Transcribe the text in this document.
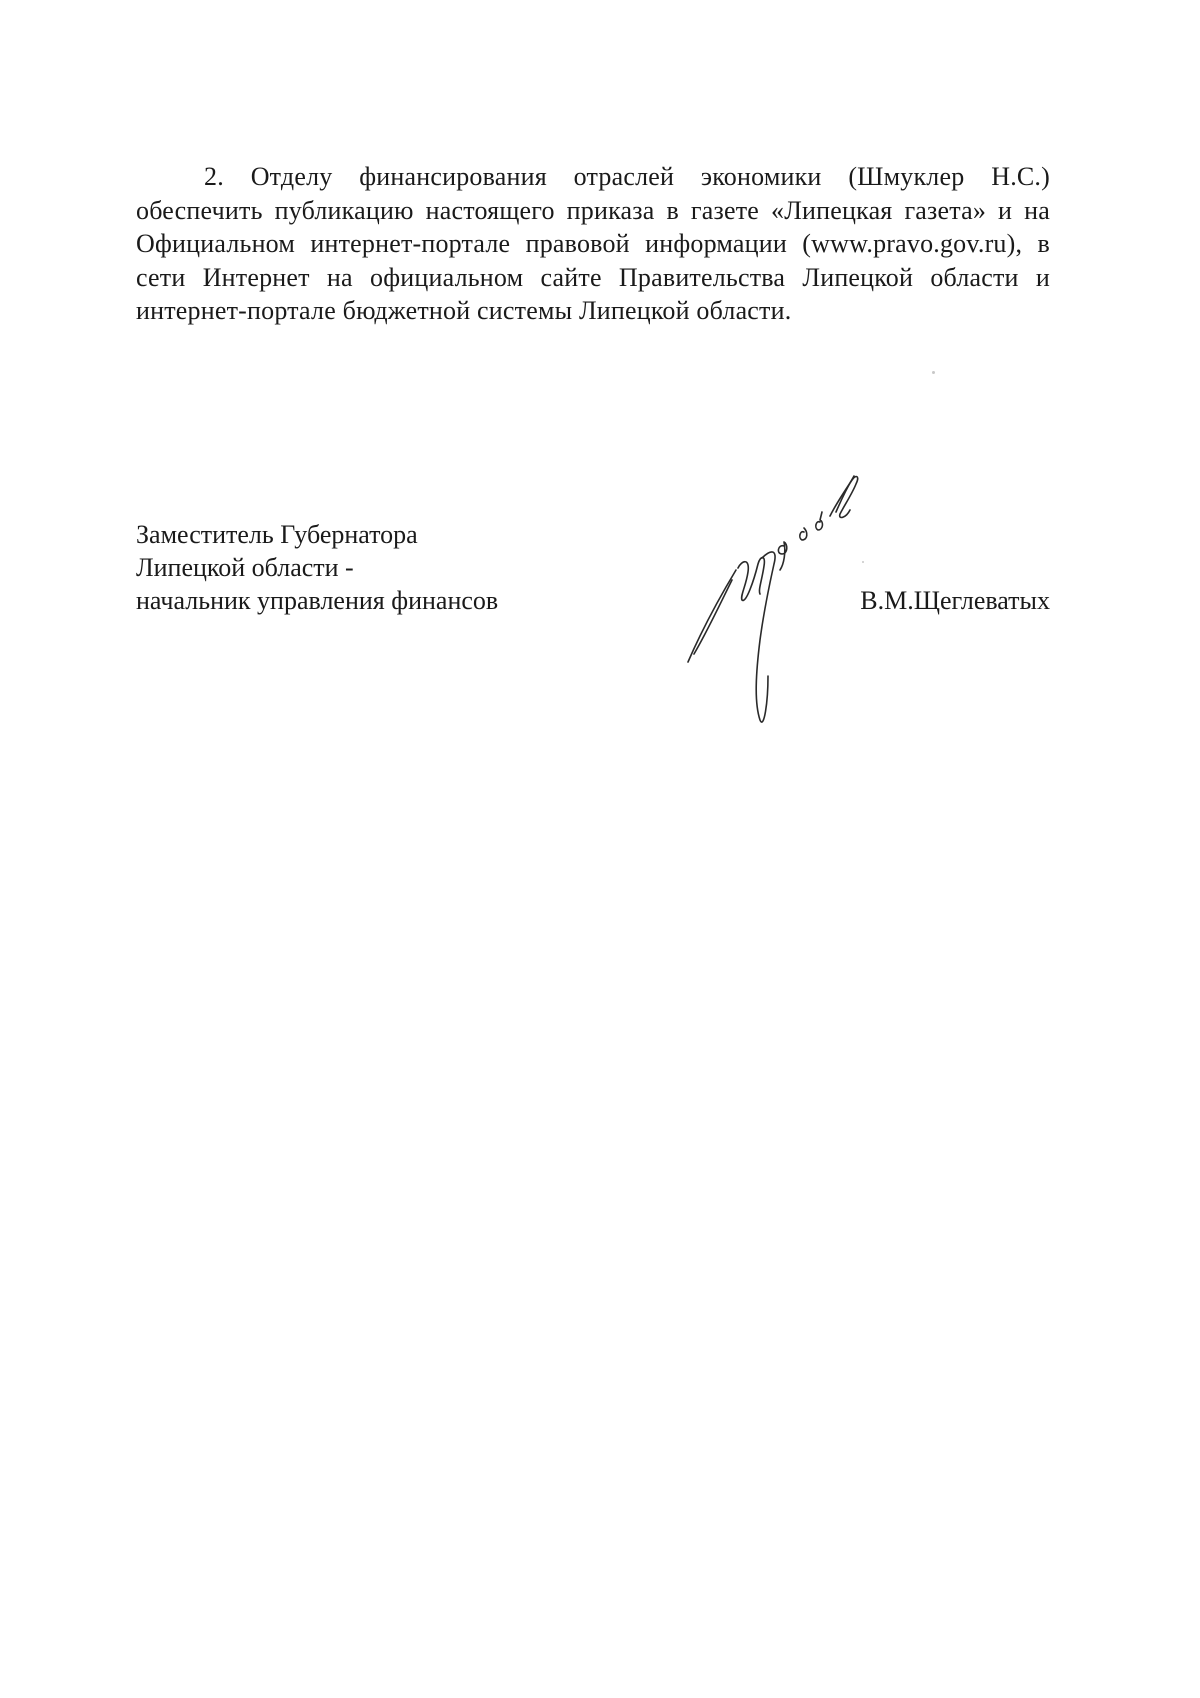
2. Отделу финансирования отраслей экономики (Шмуклер Н.С.) обеспечить публикацию настоящего приказа в газете «Липецкая газета» и на Официальном интернет-портале правовой информации (www.pravo.gov.ru), в сети Интернет на официальном сайте Правительства Липецкой области и интернет-портале бюджетной системы Липецкой области.

Заместитель Губернатора
Липецкой области -
начальник управления финансов	В.М.Щеглеватых
